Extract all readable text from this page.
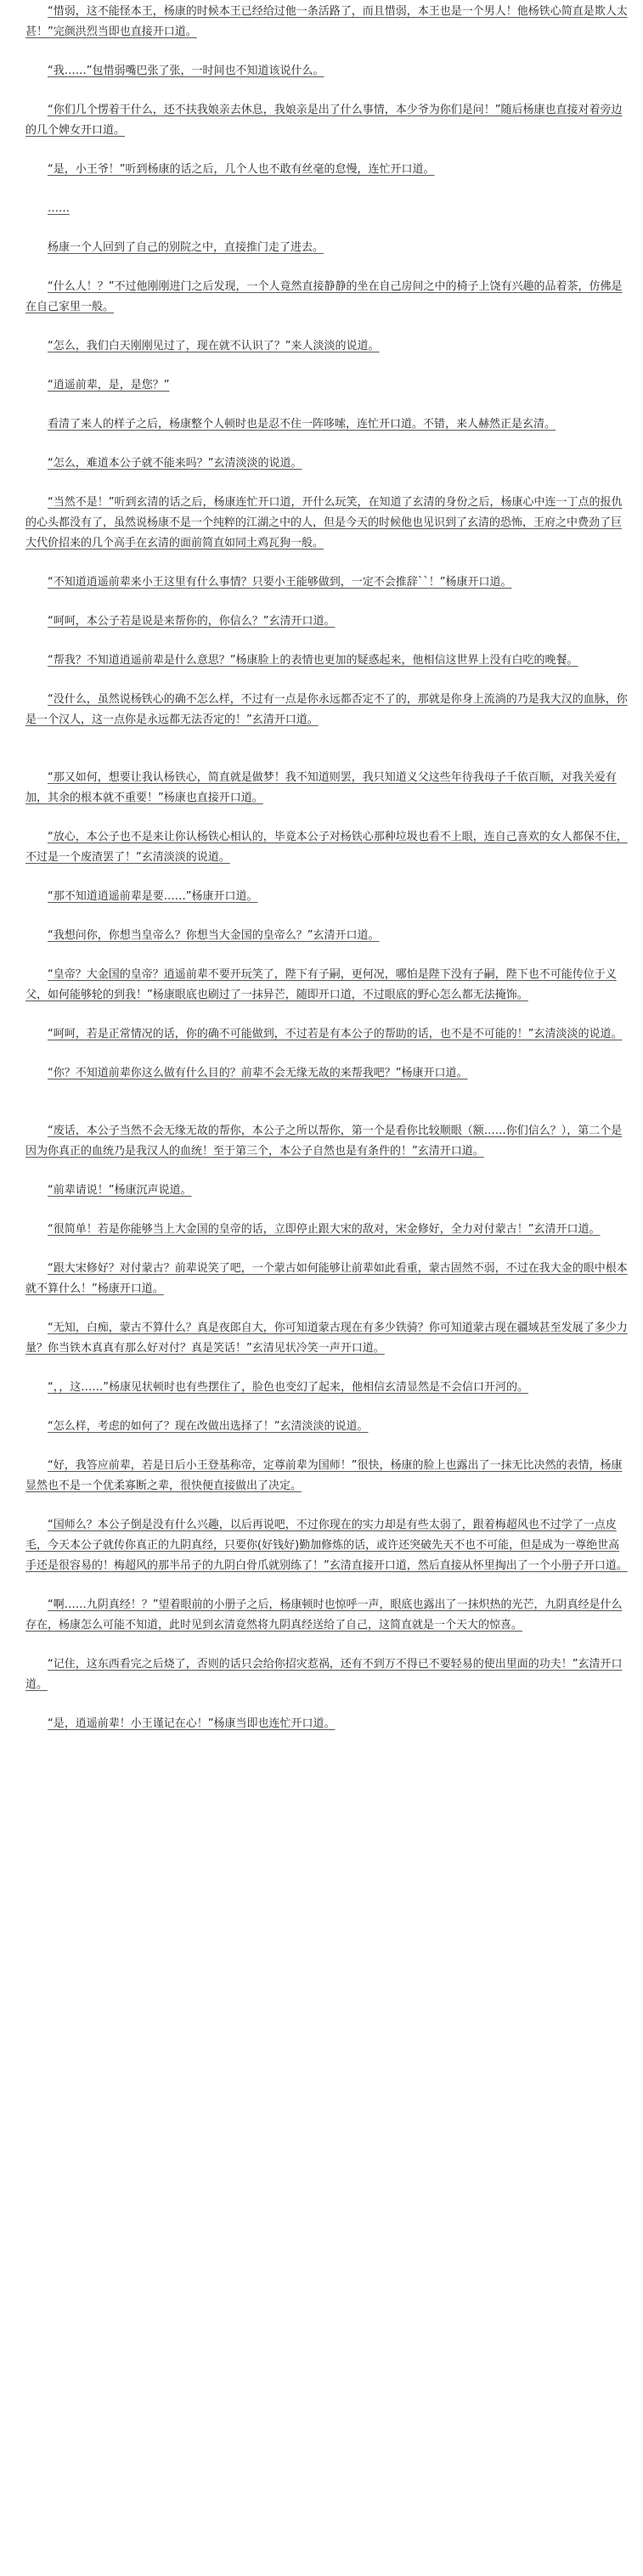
“惜弱，这不能怪本王，杨康的时候本王已经给过他一条活路了，而且惜弱，本王也是一个男人！他杨铁心简直是欺人太甚！”完颜洪烈当即也直接开口道。

“我……”包惜弱嘴巴张了张，一时间也不知道该说什么。

“你们几个愣着干什么，还不扶我娘亲去休息，我娘亲是出了什么事情，本少爷为你们是问！”随后杨康也直接对着旁边的几个婢女开口道。

“是，小王爷！”听到杨康的话之后，几个人也不敢有丝毫的怠慢，连忙开口道。

……

杨康一个人回到了自己的别院之中，直接推门走了进去。

“什么人！？”不过他刚刚进门之后发现，一个人竟然直接静静的坐在自己房间之中的椅子上饶有兴趣的品着茶，仿佛是在自己家里一般。

“怎么，我们白天刚刚见过了，现在就不认识了？”来人淡淡的说道。

“逍遥前辈，是，是您？”

看清了来人的样子之后，杨康整个人顿时也是忍不住一阵哆嗦，连忙开口道。不错，来人赫然正是玄清。

“怎么，难道本公子就不能来吗？”玄清淡淡的说道。

“当然不是！”听到玄清的话之后，杨康连忙开口道，开什么玩笑，在知道了玄清的身份之后，杨康心中连一丁点的报仇的心头都没有了，虽然说杨康不是一个纯粹的江湖之中的人，但是今天的时候他也见识到了玄清的恐怖，王府之中费劲了巨大代价招来的几个高手在玄清的面前简直如同土鸡瓦狗一般。

“不知道逍遥前辈来小王这里有什么事情？只要小王能够做到，一定不会推辞``！”杨康开口道。

“呵呵，本公子若是说是来帮你的，你信么？”玄清开口道。

“帮我？不知道逍遥前辈是什么意思？”杨康脸上的表情也更加的疑惑起来，他相信这世界上没有白吃的晚餐。

“没什么，虽然说杨铁心的确不怎么样，不过有一点是你永远都否定不了的，那就是你身上流淌的乃是我大汉的血脉，你是一个汉人，这一点你是永远都无法否定的！”玄清开口道。

“那又如何，想要让我认杨铁心，简直就是做梦！我不知道则罢，我只知道义父这些年待我母子千依百顺，对我关爱有加，其余的根本就不重要！”杨康也直接开口道。

“放心，本公子也不是来让你认杨铁心相认的，毕竟本公子对杨铁心那种垃圾也看不上眼，连自己喜欢的女人都保不住，不过是一个废渣罢了！”玄清淡淡的说道。

“那不知道逍遥前辈是要……”杨康开口道。

“我想问你，你想当皇帝么？你想当大金国的皇帝么？”玄清开口道。

“皇帝？大金国的皇帝？逍遥前辈不要开玩笑了，陛下有子嗣，更何况，哪怕是陛下没有子嗣，陛下也不可能传位于义父，如何能够轮的到我！”杨康眼底也刷过了一抹异芒，随即开口道，不过眼底的野心怎么都无法掩饰。

“呵呵，若是正常情况的话，你的确不可能做到，不过若是有本公子的帮助的话，也不是不可能的！”玄清淡淡的说道。

“你？不知道前辈你这么做有什么目的？前辈不会无缘无故的来帮我吧？”杨康开口道。

“废话，本公子当然不会无缘无故的帮你，本公子之所以帮你，第一个是看你比较顺眼（额……你们信么？），第二个是因为你真正的血统乃是我汉人的血统！至于第三个，本公子自然也是有条件的！”玄清开口道。

“前辈请说！”杨康沉声说道。

“很简单！若是你能够当上大金国的皇帝的话，立即停止跟大宋的敌对，宋金修好，全力对付蒙古！”玄清开口道。

“跟大宋修好？对付蒙古？前辈说笑了吧，一个蒙古如何能够让前辈如此看重，蒙古固然不弱，不过在我大金的眼中根本就不算什么！”杨康开口道。

“无知，白痴，蒙古不算什么？真是夜郎自大，你可知道蒙古现在有多少铁骑？你可知道蒙古现在疆域甚至发展了多少力量？你当铁木真真有那么好对付？真是笑话！”玄清见状冷笑一声开口道。

“，，这……”杨康见状顿时也有些摆住了，脸色也变幻了起来，他相信玄清显然是不会信口开河的。

“怎么样，考虑的如何了？现在改做出选择了！”玄清淡淡的说道。

“好，我答应前辈，若是日后小王登基称帝，定尊前辈为国师！”很快，杨康的脸上也露出了一抹无比决然的表情，杨康显然也不是一个优柔寡断之辈，很快便直接做出了决定。

“国师么？本公子倒是没有什么兴趣，以后再说吧，不过你现在的实力却是有些太弱了，跟着梅超风也不过学了一点皮毛，今天本公子就传你真正的九阴真经，只要你(好钱好)勤加修炼的话，或许还突破先天不也不可能，但是成为一尊绝世高手还是很容易的！梅超风的那半吊子的九阴白骨爪就别练了！”玄清直接开口道，然后直接从怀里掏出了一个小册子开口道。

“啊……九阴真经！？”望着眼前的小册子之后，杨康顿时也惊呼一声，眼底也露出了一抹炽热的光芒，九阴真经是什么存在，杨康怎么可能不知道，此时见到玄清竟然将九阴真经送给了自己，这简直就是一个天大的惊喜。

“记住，这东西看完之后烧了，否则的话只会给你招灾惹祸，还有不到万不得已不要轻易的使出里面的功夫！”玄清开口道。

“是，逍遥前辈！小王谨记在心！”杨康当即也连忙开口道。
